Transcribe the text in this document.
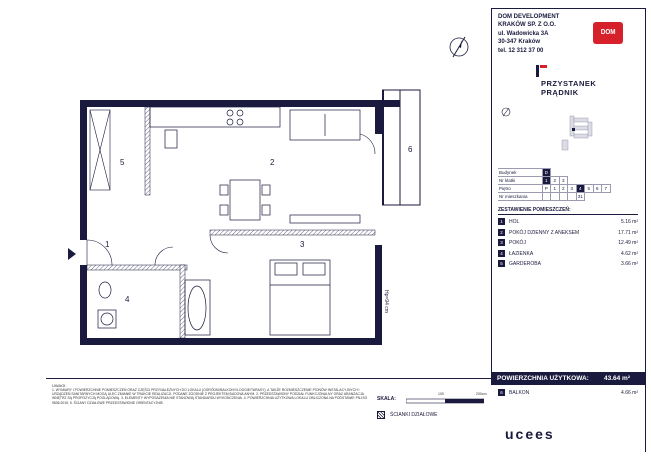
DOM DEVELOPMENT
KRAKÓW SP. Z O.O.
ul. Wadowicka 3A
30-347 Kraków
tel. 12 312 37 00
DOM
PRZYSTANEK
PRĄDNIK
Budynek	D							
Nr klatki	1	2	3					
Piętro	P	1	2	3	4	5	6	7
Nr mieszkania					31			
ZESTAWIENIE POMIESZCZEŃ:
1	HOL	5.16 m²
2	POKÓJ DZIENNY Z ANEKSEM	17.71 m²
3	POKÓJ	12.49 m²
4	ŁAZIENKA	4.62 m²
5	GARDEROBA	3.66 m²
POWIERZCHNIA UŻYTKOWA: 43.64 m²
6	BALKON	4.66 m²
UWAGI:
1. WYMIARY I POWIERZCHNIE POMIESZCZEŃ ORAZ CZĘŚCI PRZYNALEŻNYCH DO LOKALU (OGRÓDKI/BALKONY/LOGGIE/TARASY), A TAKŻE ROZMIESZCZENIE PIONÓW INSTALACYJNYCH I URZĄDZEŃ SANITARNYCH MOGĄ ULEC ZMIANIE W TRAKCIE REALIZACJI. PODANE ZGODNIE Z PROJEKTEM BUDOWLANYM. 2. PRZEDSTAWIONY PODZIAŁ FUNKCJONALNY ORAZ ARANŻACJA WNĘTRZ SĄ PROPOZYCJĄ POGLĄDOWĄ. 3. ELEMENTY WYPOSAŻENIA NIE STANOWIĄ STANDARDU WYKOŃCZENIA. 4. POWIERZCHNIA UŻYTKOWA LOKALU OBLICZONA NA PODSTAWIE PN-ISO 9836:2015. 5. ŚCIANY DZIAŁOWE PRZEDSTAWIONE ORIENTACYJNIE.
SKALA:
100	200cm
ŚCIANKI DZIAŁOWE
ucees
Hp=94 cm
5	2
1	3
4
6
